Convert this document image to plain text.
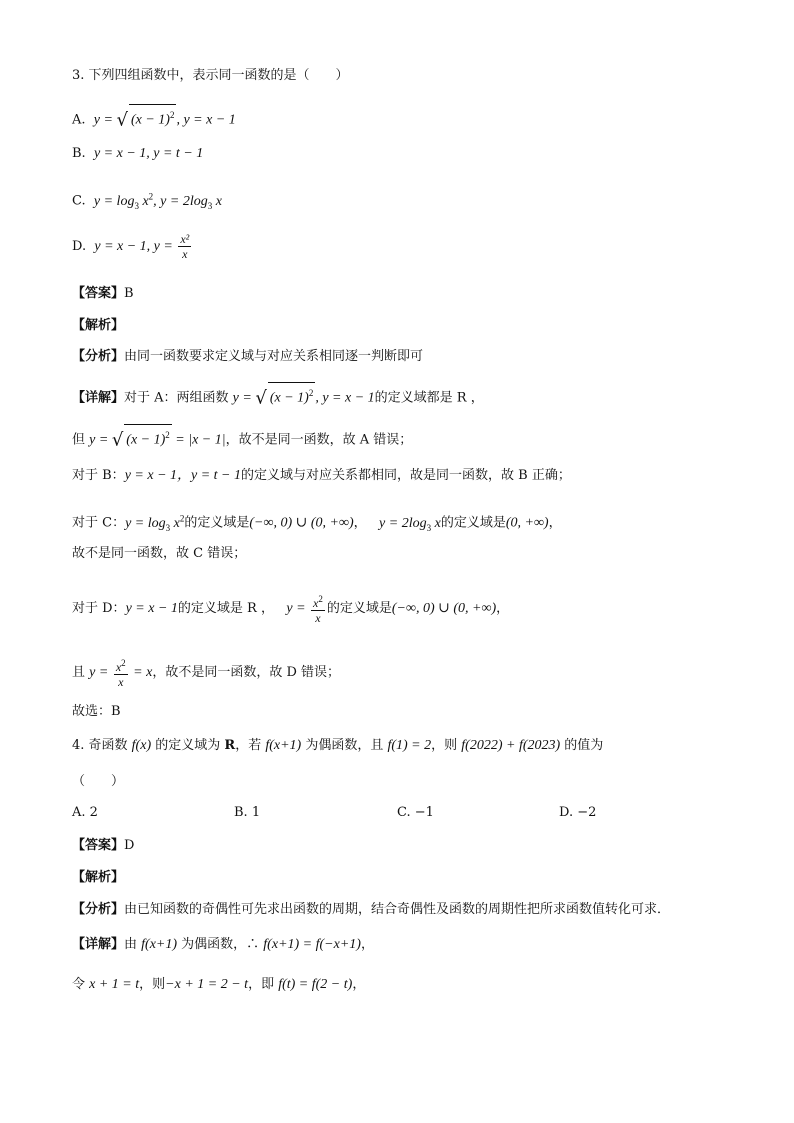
3. 下列四组函数中，表示同一函数的是（　　）
A. y = √ $(x - 1)^2$ , y = x − 1
B. y = x − 1, y = t − 1
C. $y = \log_3 x^2$, $y = 2\log_3$ x
D. y = x − 1, $y = \frac{\text{x²}}{x}$
【答案】B
【解析】
【分析】由同一函数要求定义域与对应关系相同逐一判断即可
【详解】对于 A：两组函数 y = √ $(x - 1)^2$ , y = x − 1的定义域都是 R ，
但 y = √ $(x - 1)^2 = |x - 1|$，故不是同一函数，故 A 错误；
对于 B：y = x − 1，y = t − 1的定义域与对应关系都相同，故是同一函数，故 B 正确；
对于 C：$y = \log_3 x^2$的定义域是(−∞, 0) ∪ (0, +∞)， $y = 2\log_3$ x的定义域是(0, +∞)，
故不是同一函数，故 C 错误；
对于 D：y = x − 1的定义域是 R ， $y = \frac{x^2}{x}$ 的定义域是(−∞, 0) ∪ (0, +∞)，
且 $y = \frac{x^2}{x} = x$，故不是同一函数，故 D 错误；
故选：B
4. 奇函数 f(x) 的定义域为 R，若 f(x+1) 为偶函数，且 f(1) = 2，则 f(2022) + f(2023) 的值为
（　　）
A. 2	B. 1	C. −1	D. −2
【答案】D
【解析】
【分析】由已知函数的奇偶性可先求出函数的周期，结合奇偶性及函数的周期性把所求函数值转化可求．
【详解】由 f(x+1) 为偶函数，∴ f(x+1) = f(−x+1)，
令 x + 1 = t，则−x + 1 = 2 − t，即 f(t) = f(2 − t)，
